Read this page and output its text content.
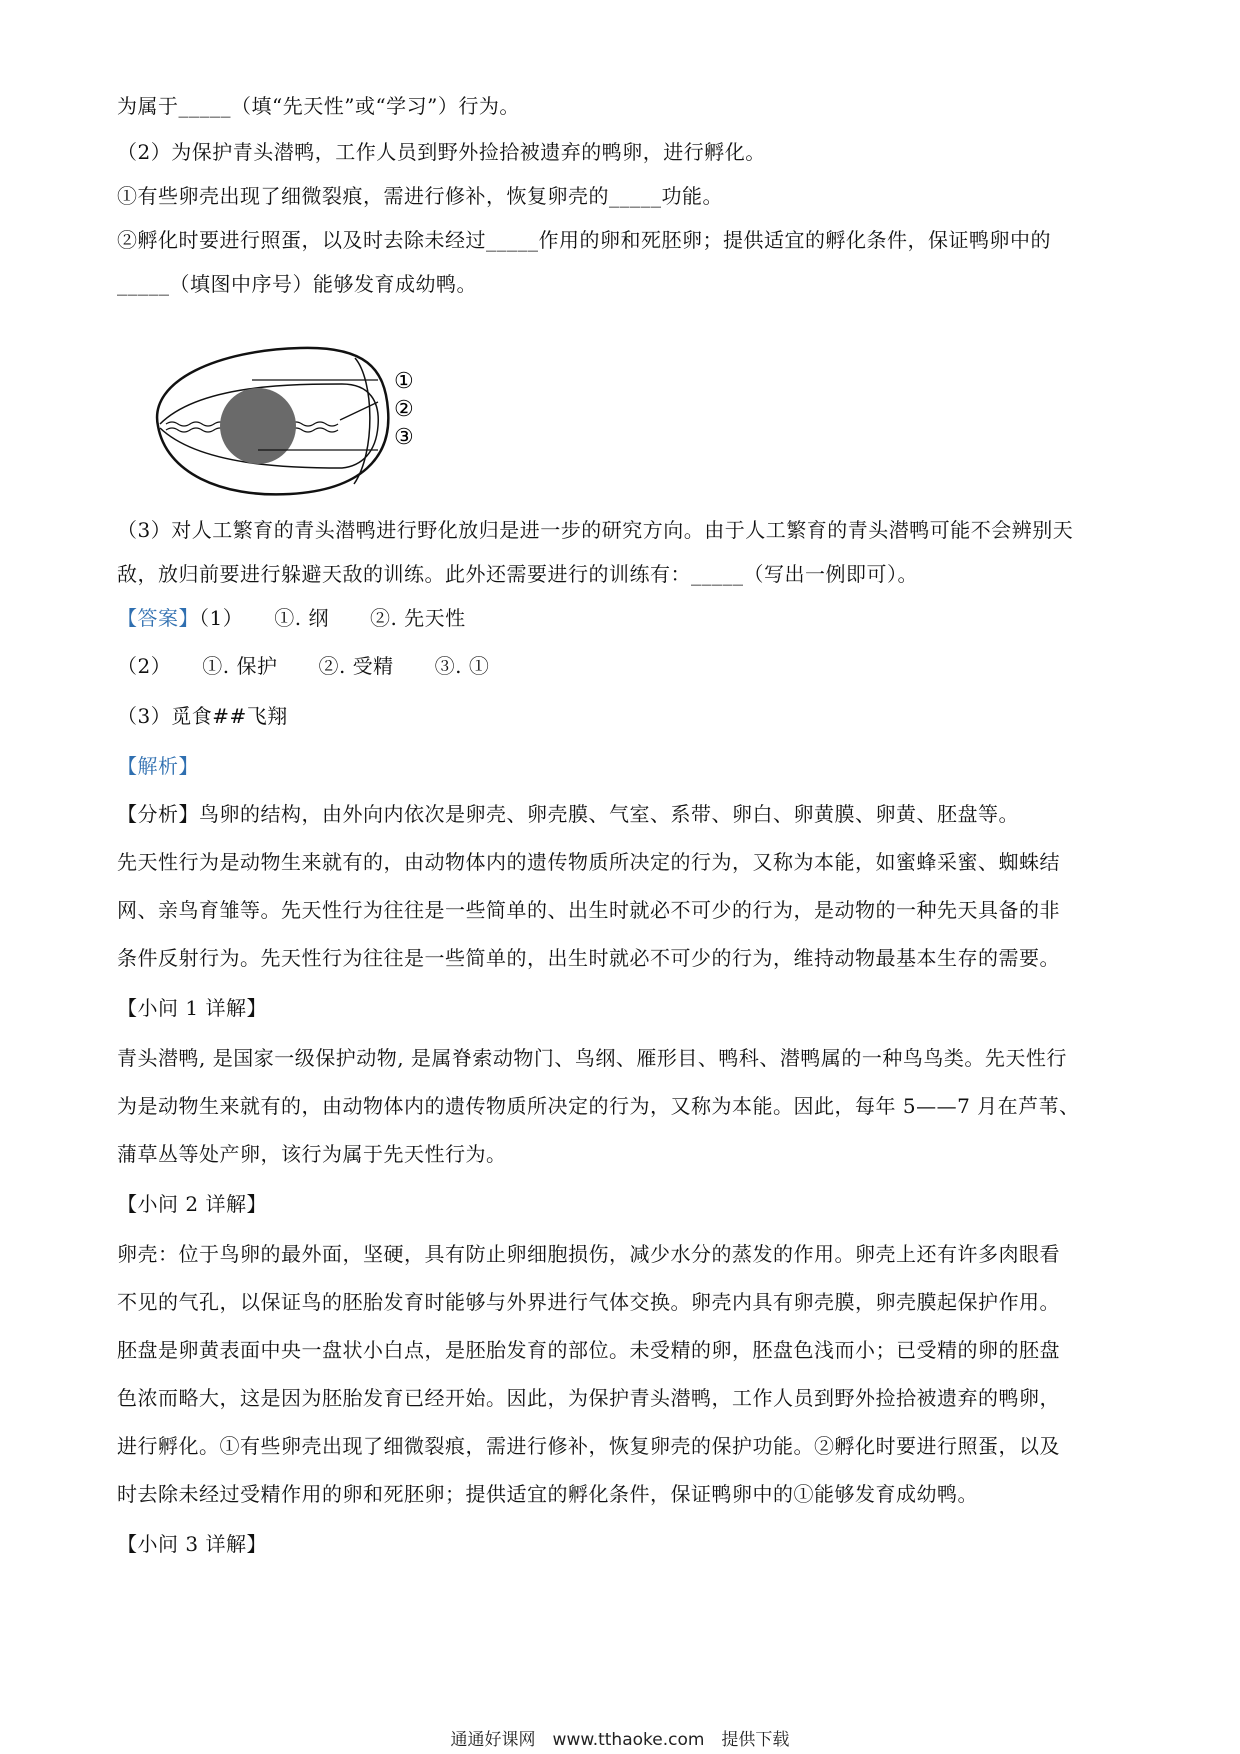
为属于_____（填“先天性”或“学习”）行为。
（2）为保护青头潜鸭，工作人员到野外捡拾被遗弃的鸭卵，进行孵化。
①有些卵壳出现了细微裂痕，需进行修补，恢复卵壳的_____功能。
②孵化时要进行照蛋，以及时去除未经过_____作用的卵和死胚卵；提供适宜的孵化条件，保证鸭卵中的
_____（填图中序号）能够发育成幼鸭。
①
②
③
（3）对人工繁育的青头潜鸭进行野化放归是进一步的研究方向。由于人工繁育的青头潜鸭可能不会辨别天
敌，放归前要进行躲避天敌的训练。此外还需要进行的训练有：_____（写出一例即可）。
【答案】（1）　　①. 纲　　②. 先天性
（2）　　①. 保护　　②. 受精　　③. ①
（3）觅食##飞翔
【解析】
【分析】鸟卵的结构，由外向内依次是卵壳、卵壳膜、气室、系带、卵白、卵黄膜、卵黄、胚盘等。
先天性行为是动物生来就有的，由动物体内的遗传物质所决定的行为，又称为本能，如蜜蜂采蜜、蜘蛛结
网、亲鸟育雏等。先天性行为往往是一些简单的、出生时就必不可少的行为，是动物的一种先天具备的非
条件反射行为。先天性行为往往是一些简单的，出生时就必不可少的行为，维持动物最基本生存的需要。
【小问 1 详解】
青头潜鸭, 是国家一级保护动物, 是属脊索动物门、鸟纲、雁形目、鸭科、潜鸭属的一种鸟鸟类。先天性行
为是动物生来就有的，由动物体内的遗传物质所决定的行为，又称为本能。因此，每年 5——7 月在芦苇、
蒲草丛等处产卵，该行为属于先天性行为。
【小问 2 详解】
卵壳：位于鸟卵的最外面，坚硬，具有防止卵细胞损伤，减少水分的蒸发的作用。卵壳上还有许多肉眼看
不见的气孔，以保证鸟的胚胎发育时能够与外界进行气体交换。卵壳内具有卵壳膜，卵壳膜起保护作用。
胚盘是卵黄表面中央一盘状小白点，是胚胎发育的部位。未受精的卵，胚盘色浅而小；已受精的卵的胚盘
色浓而略大，这是因为胚胎发育已经开始。因此，为保护青头潜鸭，工作人员到野外捡拾被遗弃的鸭卵，
进行孵化。①有些卵壳出现了细微裂痕，需进行修补，恢复卵壳的保护功能。②孵化时要进行照蛋，以及
时去除未经过受精作用的卵和死胚卵；提供适宜的孵化条件，保证鸭卵中的①能够发育成幼鸭。
【小问 3 详解】
通通好课网　www.tthaoke.com　提供下载
